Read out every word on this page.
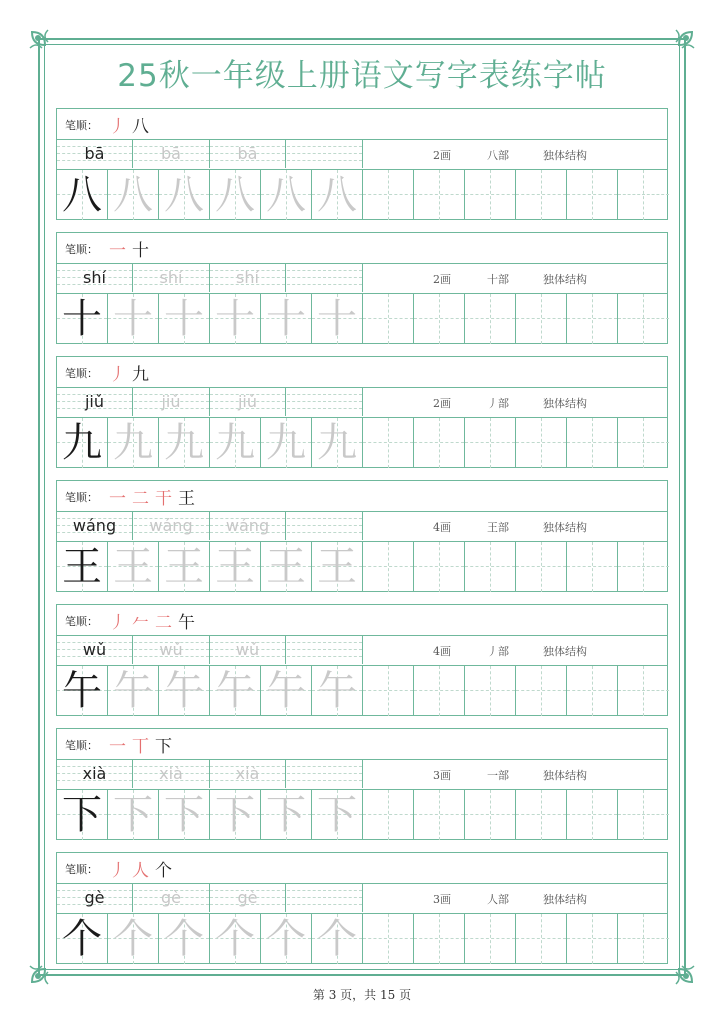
25秋一年级上册语文写字表练字帖
笔顺： 丿 八
bā	bā	bā	2画	八部	独体结构
八 八 八 八 八 八
笔顺： 一 十
shí	shí	shí	2画	十部	独体结构
十 十 十 十 十 十
笔顺： 丿 九
jiǔ	jiǔ	jiǔ	2画	丿部	独体结构
九 九 九 九 九 九
笔顺： 一 二 干 王
wáng	wáng	wáng	4画	王部	独体结构
王 王 王 王 王 王
笔顺： 丿 𠂉 二 午
wǔ	wǔ	wǔ	4画	丿部	独体结构
午 午 午 午 午 午
笔顺： 一 丅 下
xià	xià	xià	3画	一部	独体结构
下 下 下 下 下 下
笔顺： 丿 人 个
gè	gè	gè	3画	人部	独体结构
个 个 个 个 个 个
第 3 页，共 15 页
